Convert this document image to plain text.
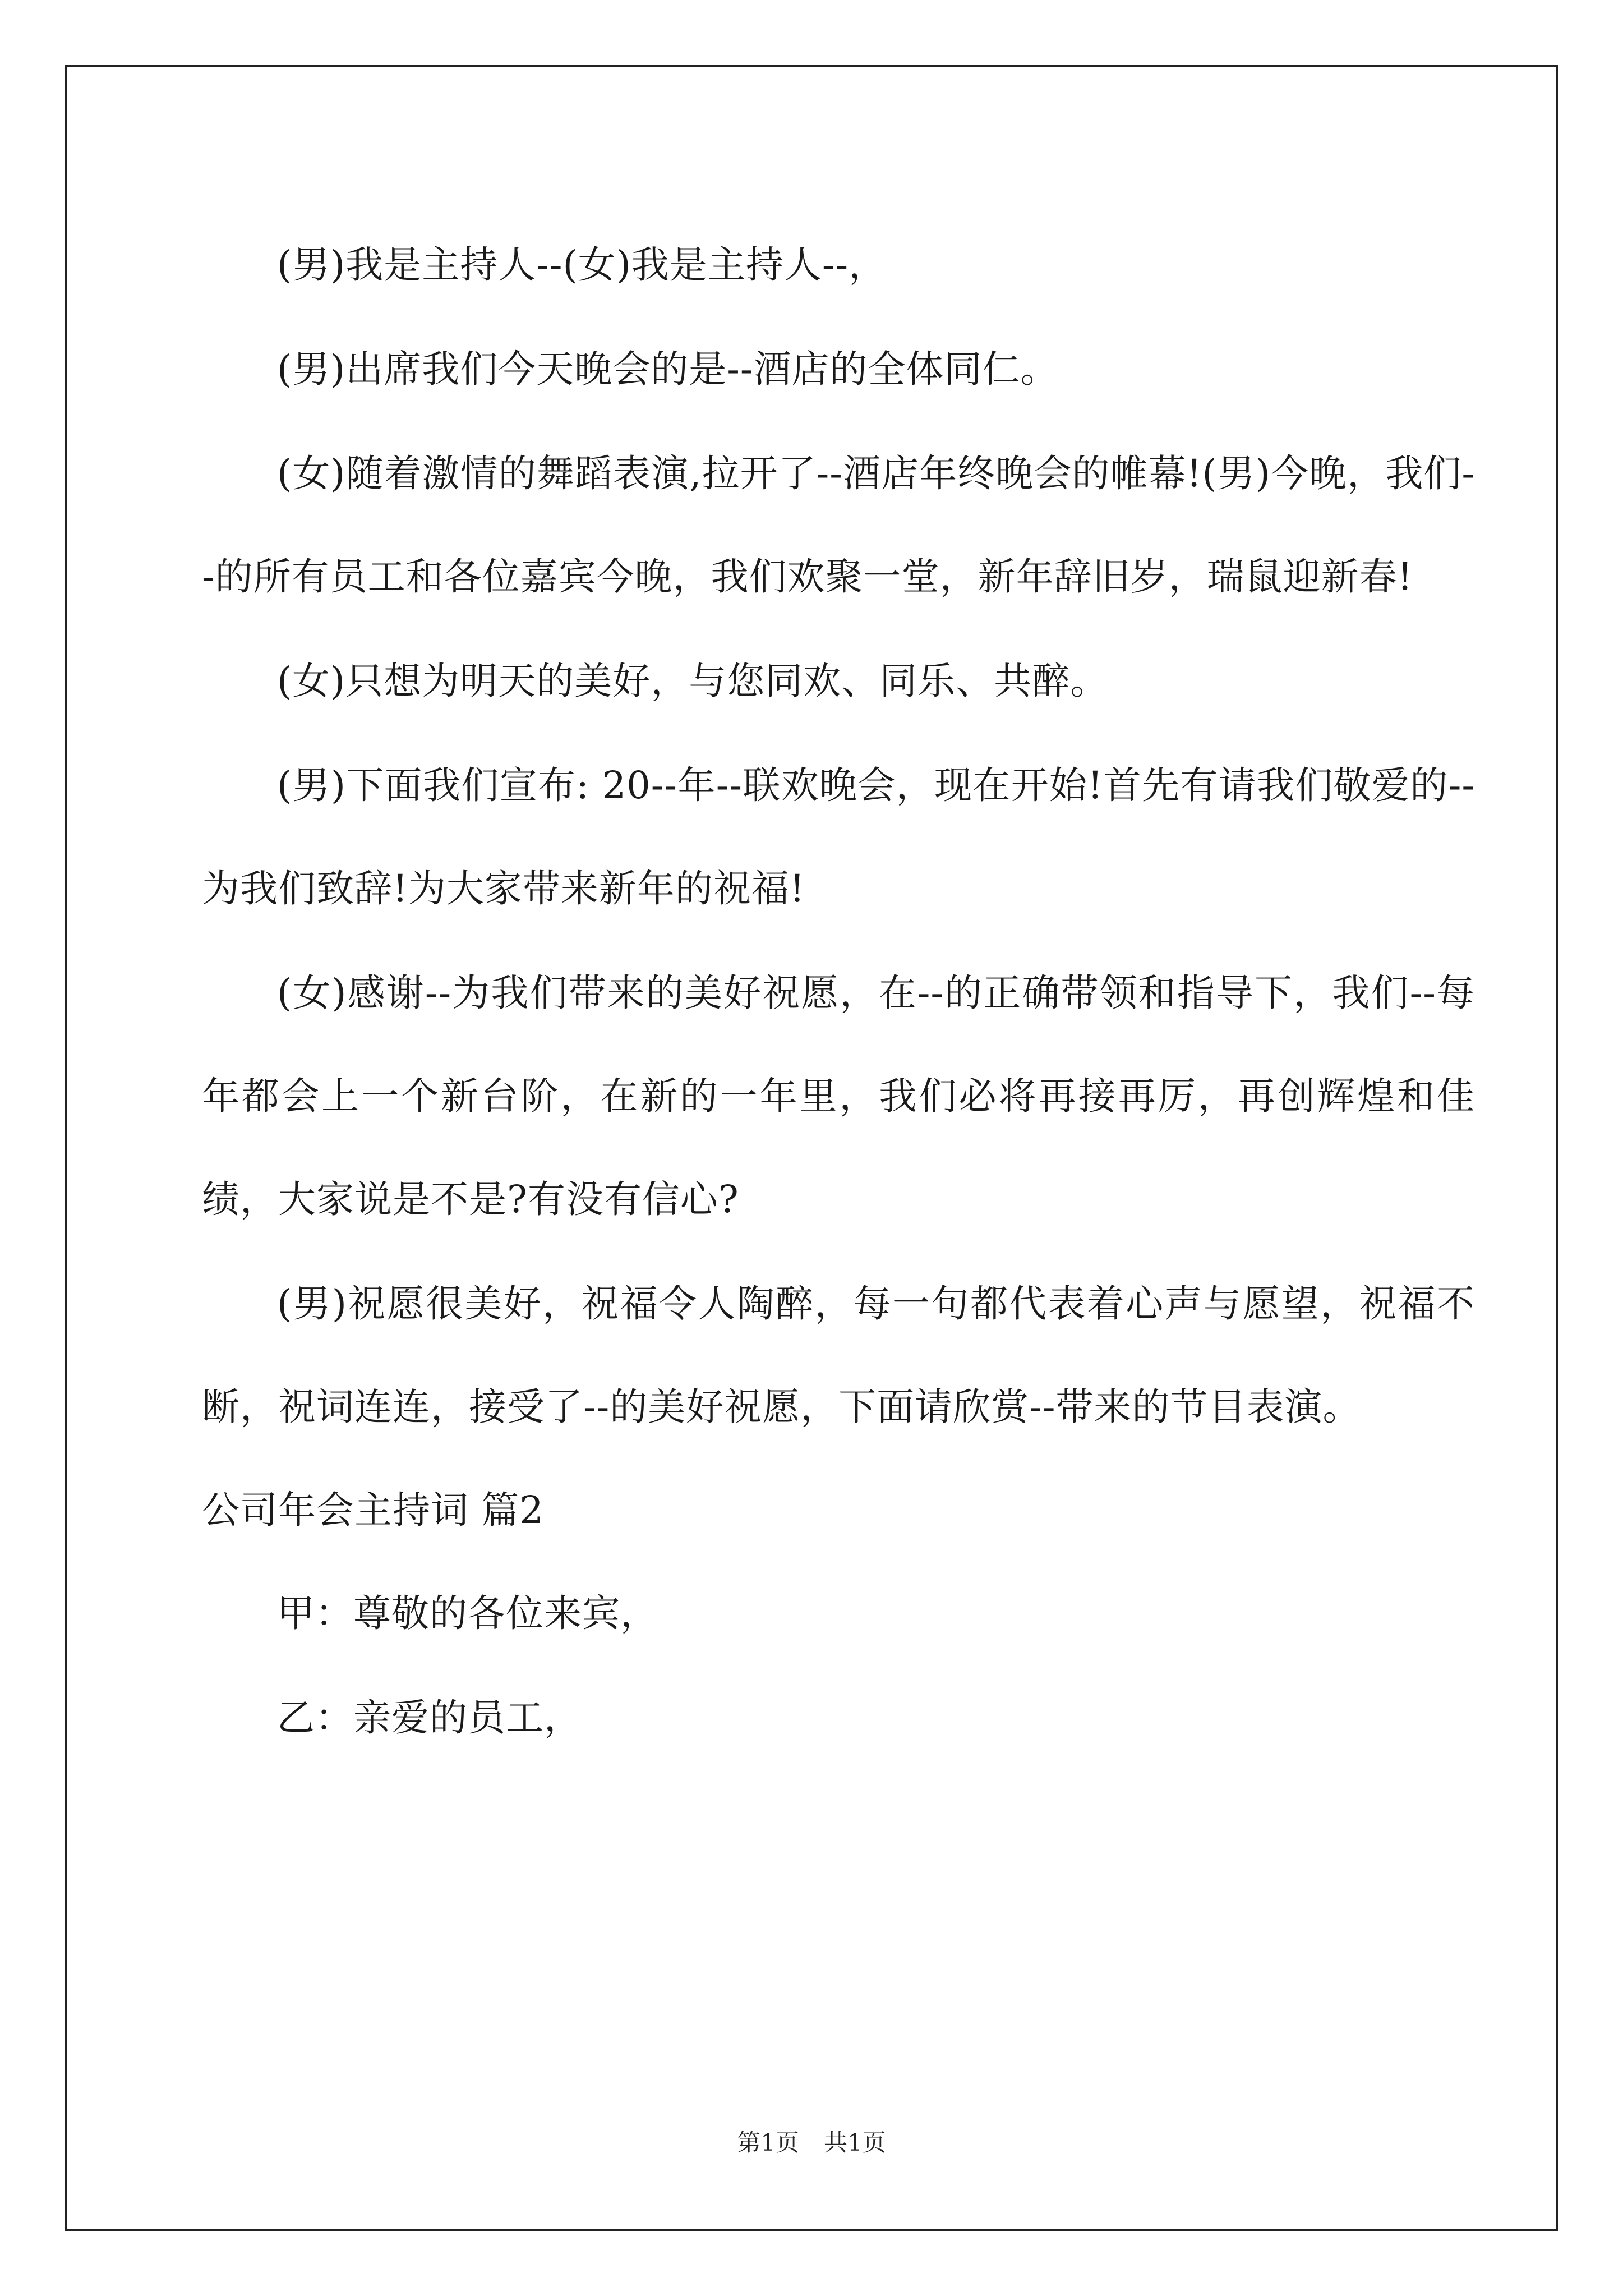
(男)我是主持人--(女)我是主持人--，

(男)出席我们今天晚会的是--酒店的全体同仁。

(女)随着激情的舞蹈表演,拉开了--酒店年终晚会的帷幕!(男)今晚，我们--的所有员工和各位嘉宾今晚，我们欢聚一堂，新年辞旧岁，瑞鼠迎新春!

(女)只想为明天的美好，与您同欢、同乐、共醉。

(男)下面我们宣布: 20--年--联欢晚会，现在开始!首先有请我们敬爱的--为我们致辞!为大家带来新年的祝福!

(女)感谢--为我们带来的美好祝愿，在--的正确带领和指导下，我们--每年都会上一个新台阶，在新的一年里，我们必将再接再厉，再创辉煌和佳绩，大家说是不是?有没有信心?

(男)祝愿很美好，祝福令人陶醉，每一句都代表着心声与愿望，祝福不断，祝词连连，接受了--的美好祝愿，下面请欣赏--带来的节目表演。

公司年会主持词 篇2

甲：尊敬的各位来宾，

乙：亲爱的员工，

第1页 共1页
